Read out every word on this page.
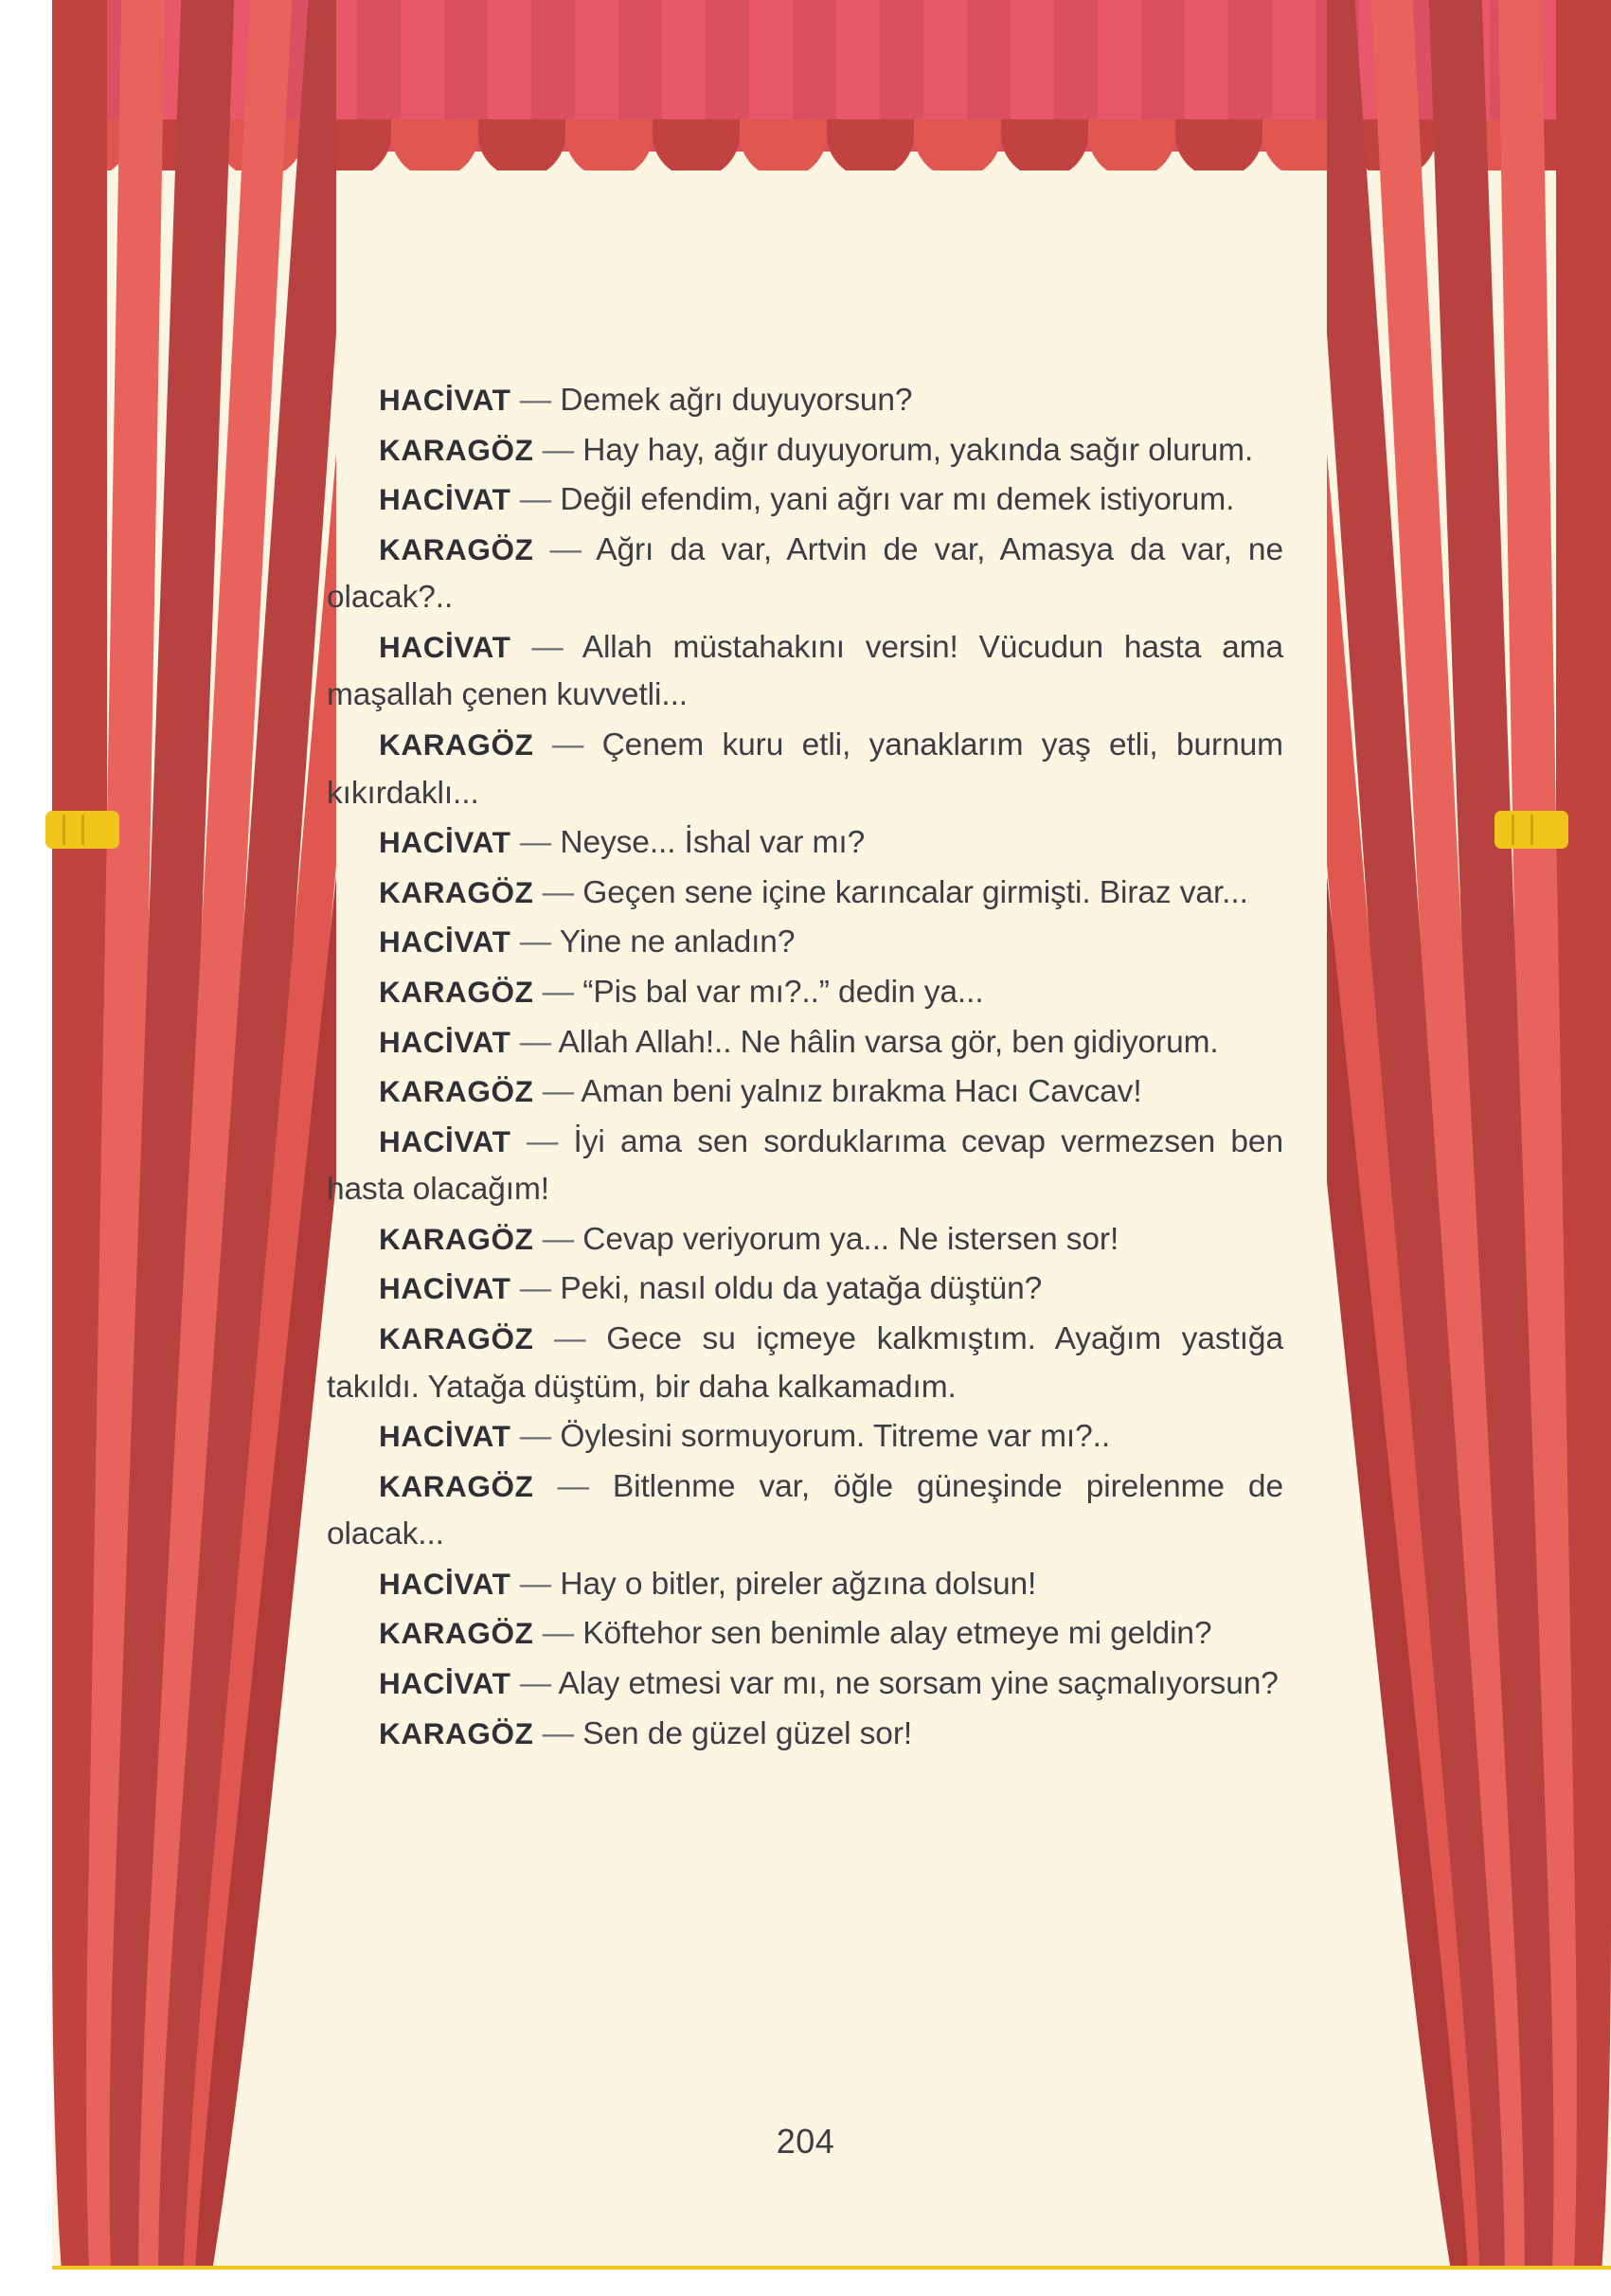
HACİVAT — Demek ağrı duyuyorsun?

KARAGÖZ — Hay hay, ağır duyuyorum, yakında sağır olurum.

HACİVAT — Değil efendim, yani ağrı var mı demek istiyorum.

KARAGÖZ — Ağrı da var, Artvin de var, Amasya da var, ne olacak?..

HACİVAT — Allah müstahakını versin! Vücudun hasta ama maşallah çenen kuvvetli...

KARAGÖZ — Çenem kuru etli, yanaklarım yaş etli, burnum kıkırdaklı...

HACİVAT — Neyse... İshal var mı?

KARAGÖZ — Geçen sene içine karıncalar girmişti. Biraz var...

HACİVAT — Yine ne anladın?

KARAGÖZ — “Pis bal var mı?..” dedin ya...

HACİVAT — Allah Allah!.. Ne hâlin varsa gör, ben gidiyorum.

KARAGÖZ — Aman beni yalnız bırakma Hacı Cavcav!

HACİVAT — İyi ama sen sorduklarıma cevap vermezsen ben hasta olacağım!

KARAGÖZ — Cevap veriyorum ya... Ne istersen sor!

HACİVAT — Peki, nasıl oldu da yatağa düştün?

KARAGÖZ — Gece su içmeye kalkmıştım. Ayağım yastığa takıldı. Yatağa düştüm, bir daha kalkamadım.

HACİVAT — Öylesini sormuyorum. Titreme var mı?..

KARAGÖZ — Bitlenme var, öğle güneşinde pirelenme de olacak...

HACİVAT — Hay o bitler, pireler ağzına dolsun!

KARAGÖZ — Köftehor sen benimle alay etmeye mi geldin?

HACİVAT — Alay etmesi var mı, ne sorsam yine saçmalıyorsun?

KARAGÖZ — Sen de güzel güzel sor!

204
